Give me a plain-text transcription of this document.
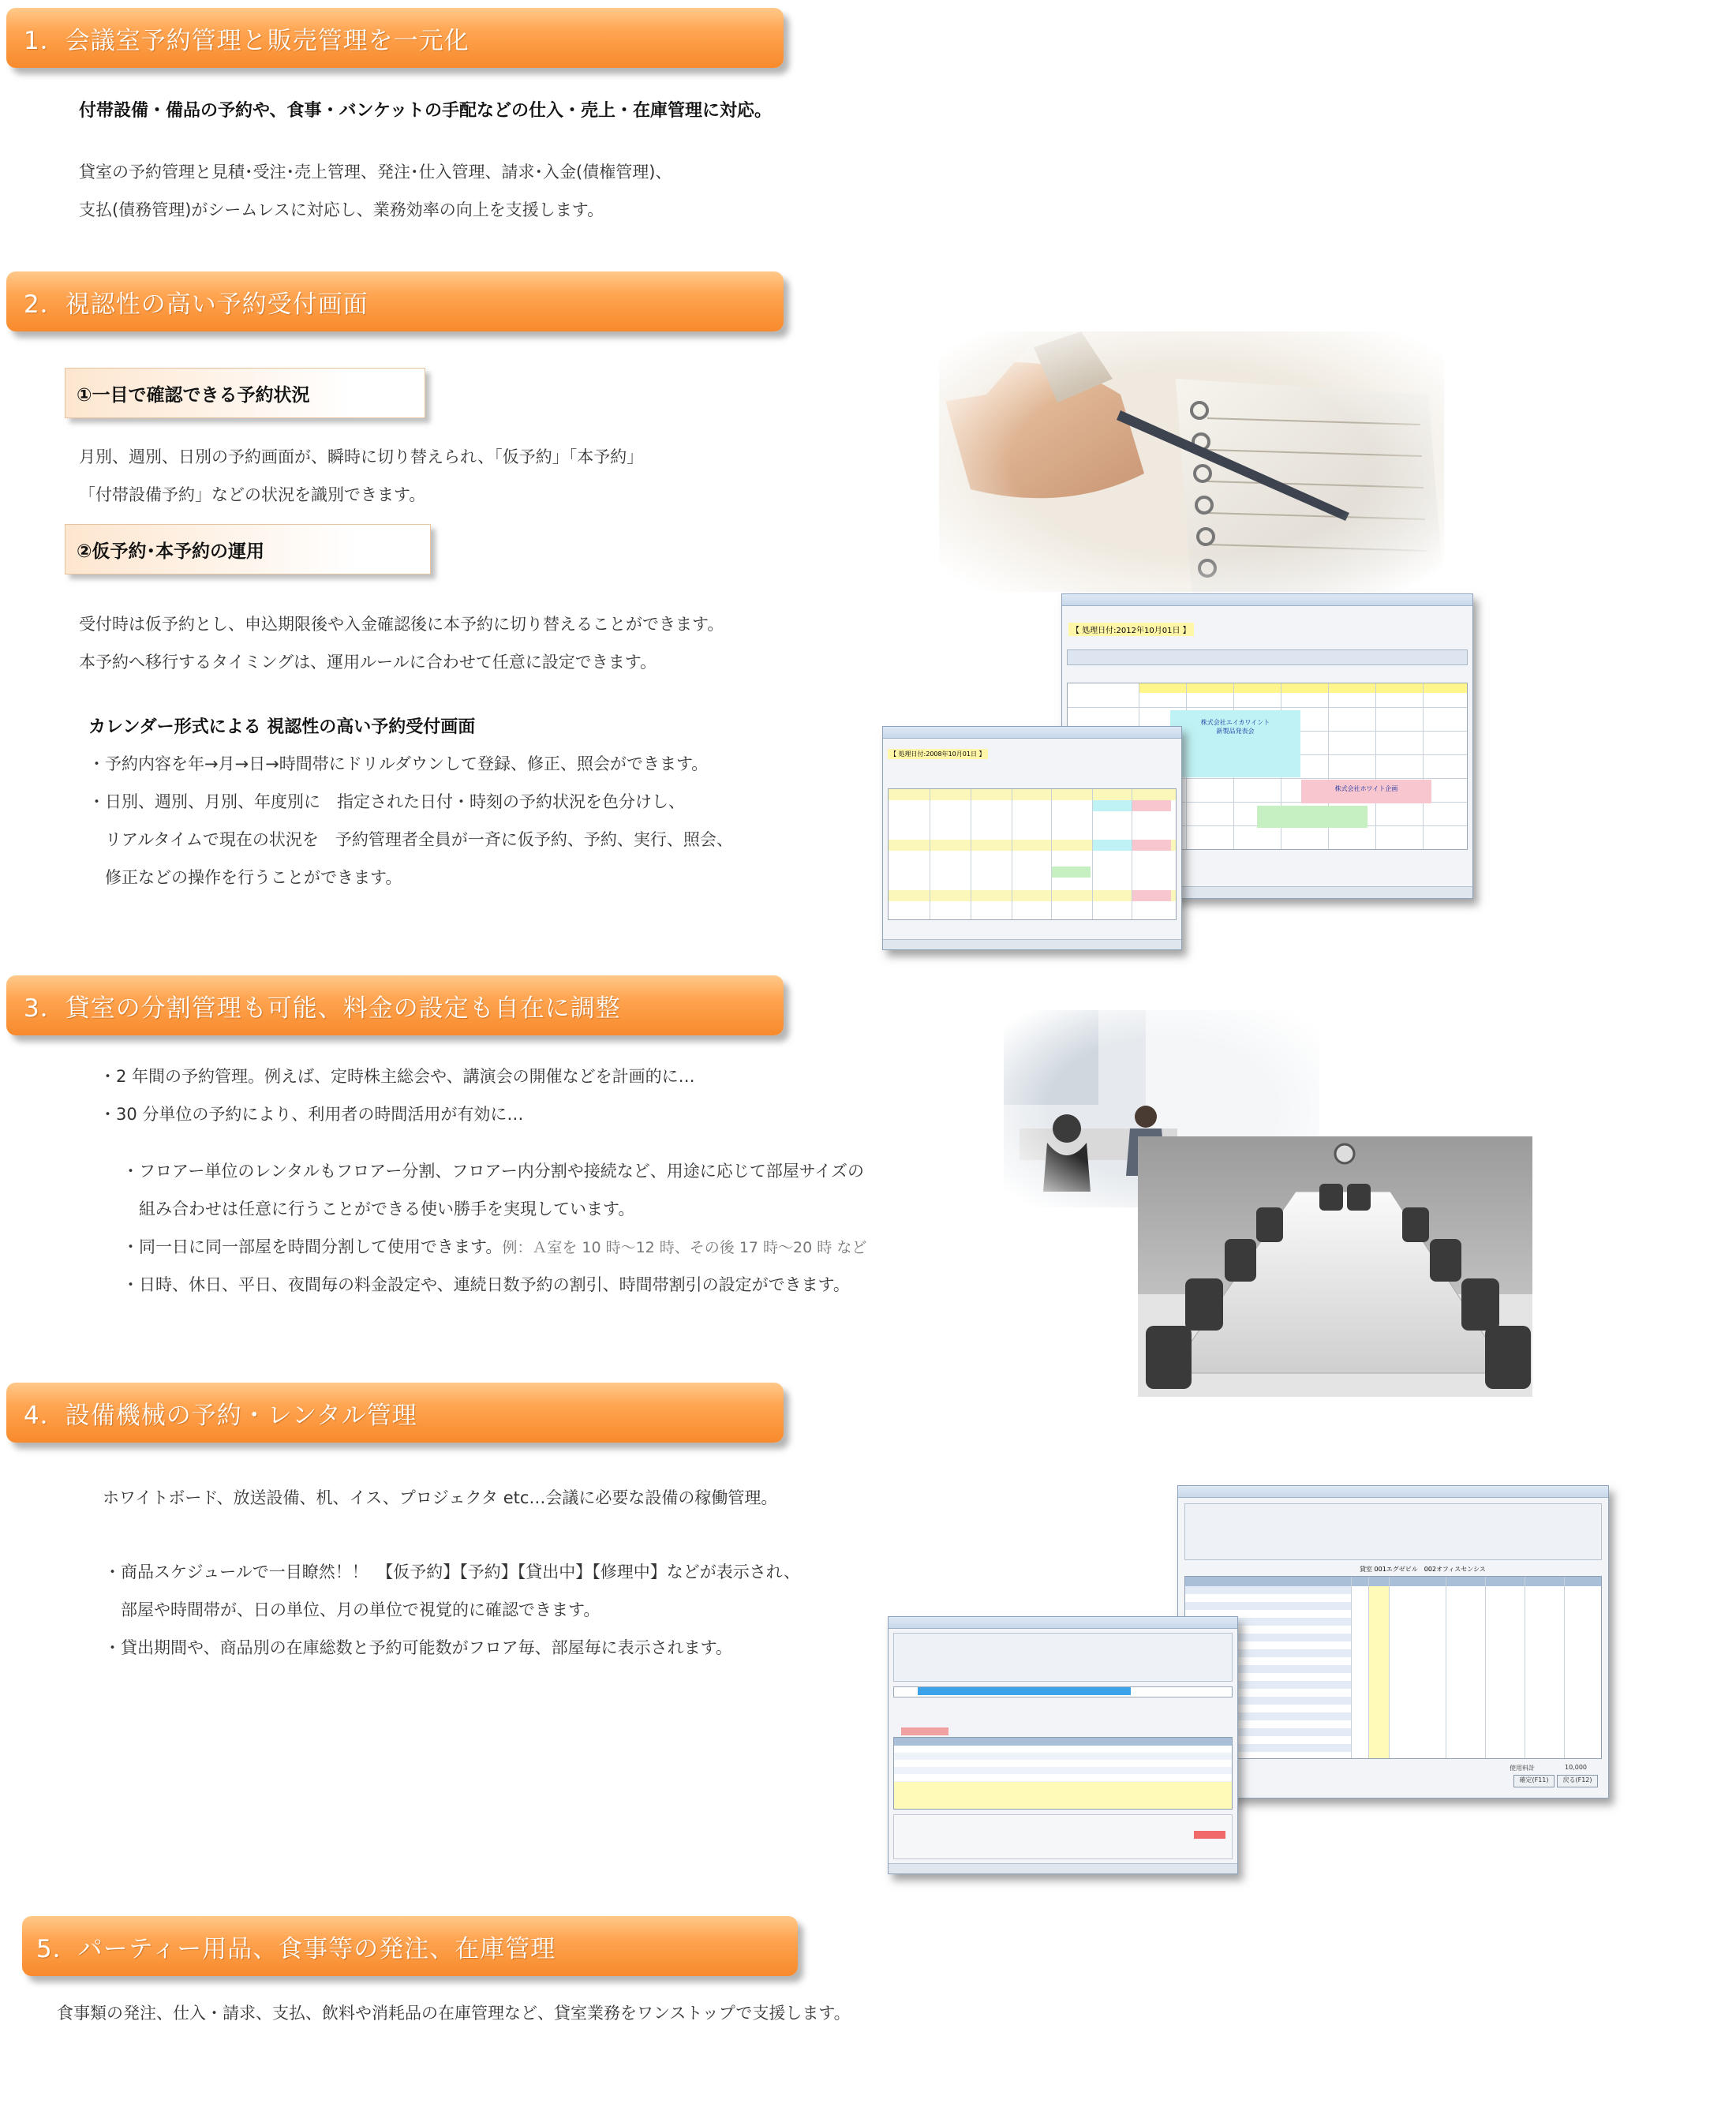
1．会議室予約管理と販売管理を一元化
付帯設備・備品の予約や、食事・バンケットの手配などの仕入・売上・在庫管理に対応。
貸室の予約管理と見積･受注･売上管理、発注･仕入管理、請求･入金(債権管理)、
支払(債務管理)がシームレスに対応し、業務効率の向上を支援します。
2．視認性の高い予約受付画面
①一目で確認できる予約状況
月別、週別、日別の予約画面が、瞬時に切り替えられ、「仮予約」「本予約」
「付帯設備予約」などの状況を識別できます。
②仮予約･本予約の運用
受付時は仮予約とし、申込期限後や入金確認後に本予約に切り替えることができます。
本予約へ移行するタイミングは、運用ルールに合わせて任意に設定できます。
カレンダー形式による 視認性の高い予約受付画面
・予約内容を年→月→日→時間帯にドリルダウンして登録、修正、照会ができます。
・日別、週別、月別、年度別に　指定された日付・時刻の予約状況を色分けし、
　リアルタイムで現在の状況を　予約管理者全員が一斉に仮予約、予約、実行、照会、
　修正などの操作を行うことができます。
【 処理日付:2012年10月01日 】
株式会社エイカワイント
新製品発表会
株式会社ホワイト企画
【 処理日付:2008年10月01日 】
3．貸室の分割管理も可能、料金の設定も自在に調整
・2 年間の予約管理。例えば、定時株主総会や、講演会の開催などを計画的に…
・30 分単位の予約により、利用者の時間活用が有効に…
・フロアー単位のレンタルもフロアー分割、フロアー内分割や接続など、用途に応じて部屋サイズの
　組み合わせは任意に行うことができる使い勝手を実現しています。
・同一日に同一部屋を時間分割して使用できます。例：Ａ室を 10 時～12 時、その後 17 時～20 時 など
・日時、休日、平日、夜間毎の料金設定や、連続日数予約の割引、時間帯割引の設定ができます。
4．設備機械の予約・レンタル管理
ホワイトボード、放送設備、机、イス、プロジェクタ etc…会議に必要な設備の稼働管理。
・商品スケジュールで一目瞭然！！　【仮予約】【予約】【貸出中】【修理中】などが表示され、
　部屋や時間帯が、日の単位、月の単位で視覚的に確認できます。
・貸出期間や、商品別の在庫総数と予約可能数がフロア毎、部屋毎に表示されます。
貸室 001エグゼビル　002オフィスセンシス
使用料計	10,000
確定(F11)	戻る(F12)
5．パーティー用品、食事等の発注、在庫管理
食事類の発注、仕入・請求、支払、飲料や消耗品の在庫管理など、貸室業務をワンストップで支援します。
